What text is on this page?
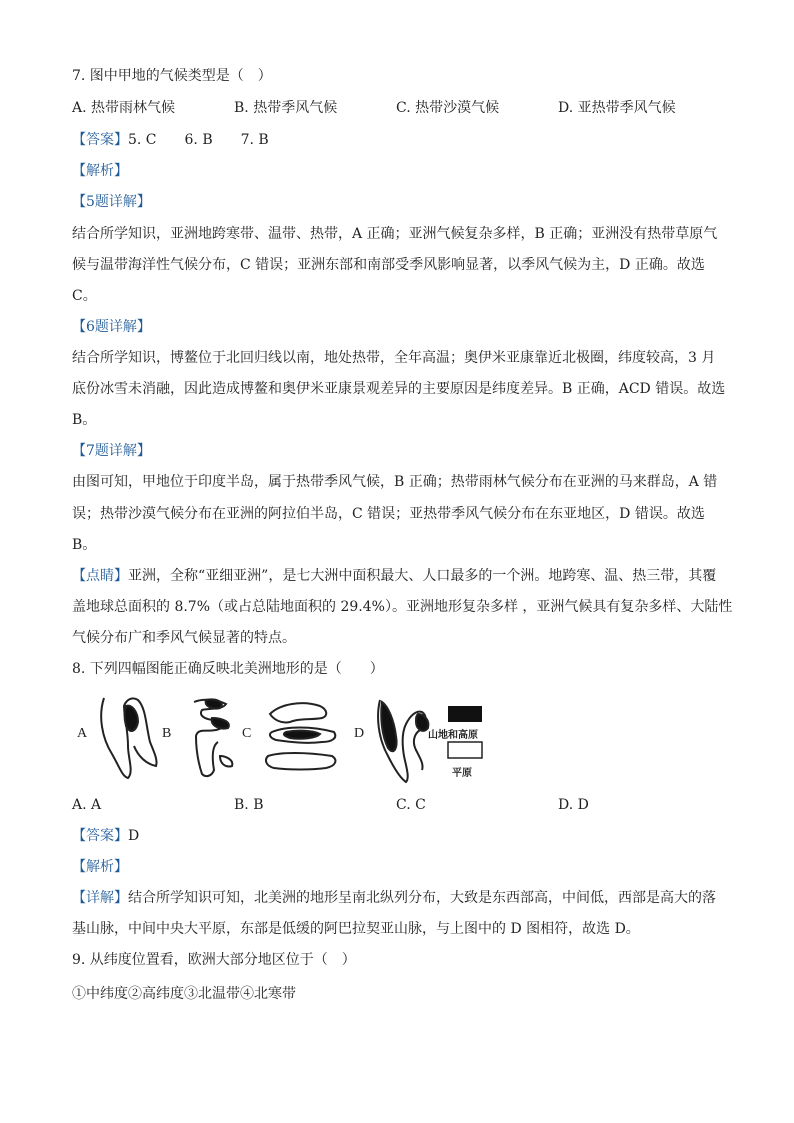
7. 图中甲地的气候类型是（　）
A. 热带雨林气候	B. 热带季风气候	C. 热带沙漠气候	D. 亚热带季风气候
【答案】5. C　　6. B　　7. B
【解析】
【5题详解】
结合所学知识，亚洲地跨寒带、温带、热带，A 正确；亚洲气候复杂多样，B 正确；亚洲没有热带草原气
候与温带海洋性气候分布，C 错误；亚洲东部和南部受季风影响显著，以季风气候为主，D 正确。故选
C。
【6题详解】
结合所学知识，博鳌位于北回归线以南，地处热带，全年高温；奥伊米亚康靠近北极圈，纬度较高，3 月
底份冰雪未消融，因此造成博鳌和奥伊米亚康景观差异的主要原因是纬度差异。B 正确，ACD 错误。故选
B。
【7题详解】
由图可知，甲地位于印度半岛，属于热带季风气候，B 正确；热带雨林气候分布在亚洲的马来群岛，A 错
误；热带沙漠气候分布在亚洲的阿拉伯半岛，C 错误；亚热带季风气候分布在东亚地区，D 错误。故选
B。
【点睛】亚洲，全称“亚细亚洲”，是七大洲中面积最大、人口最多的一个洲。地跨寒、温、热三带，其覆
盖地球总面积的 8.7%（或占总陆地面积的 29.4%）。亚洲地形复杂多样 ，亚洲气候具有复杂多样、大陆性
气候分布广和季风气候显著的特点。
8. 下列四幅图能正确反映北美洲地形的是（　　）
A	B	C	D	山地和高原
平原
A. A	B. B	C. C	D. D
【答案】D
【解析】
【详解】结合所学知识可知，北美洲的地形呈南北纵列分布，大致是东西部高，中间低，西部是高大的落
基山脉，中间中央大平原，东部是低缓的阿巴拉契亚山脉，与上图中的 D 图相符，故选 D。
9. 从纬度位置看，欧洲大部分地区位于（　）
①中纬度②高纬度③北温带④北寒带
